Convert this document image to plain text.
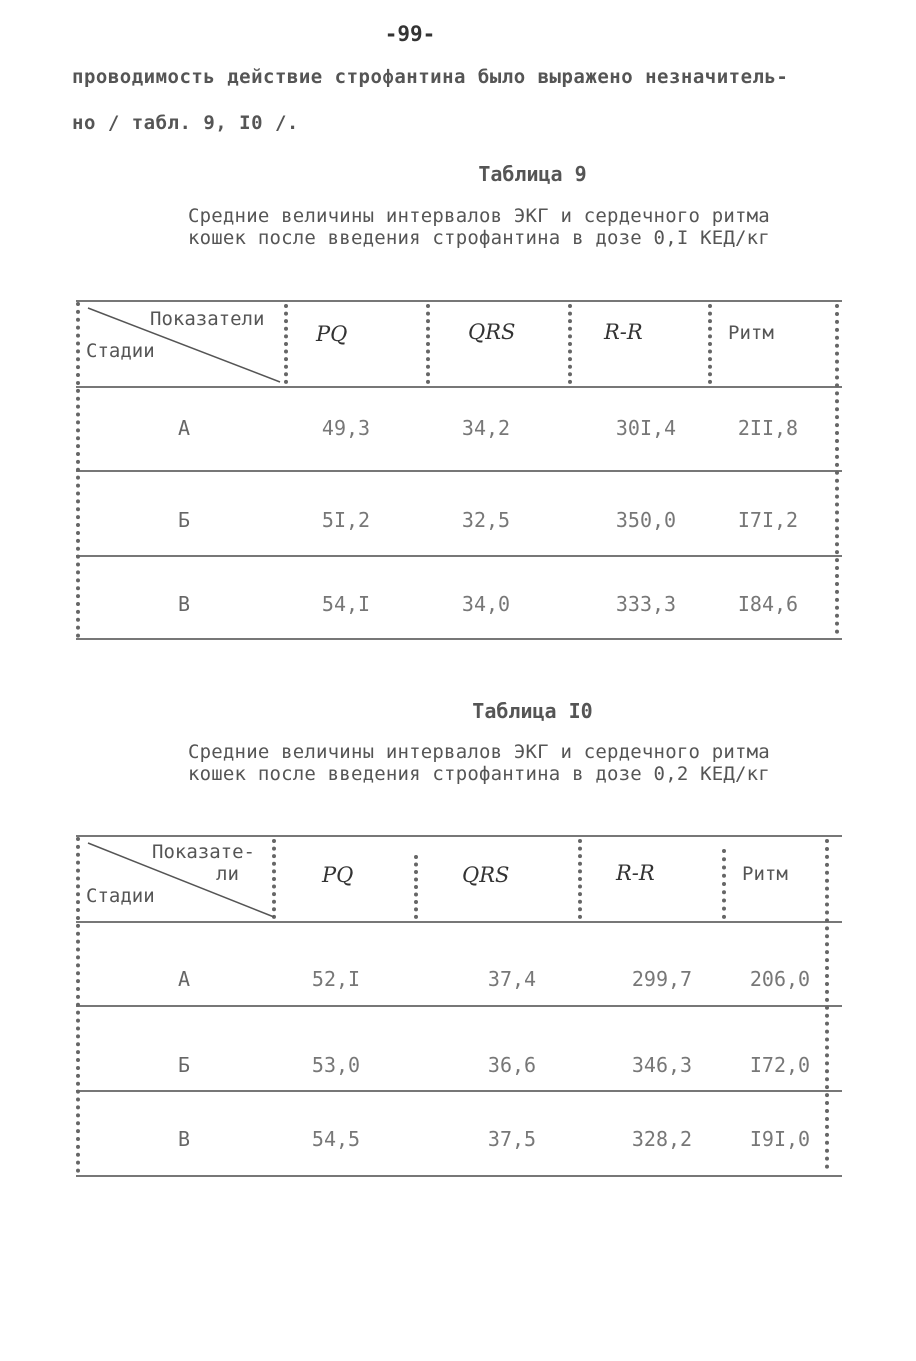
-99-
проводимость действие строфантина было выражено незначитель-
но / табл. 9, I0 /.
Таблица 9
Средние величины интервалов ЭКГ и сердечного ритма
кошек после введения строфантина в дозе 0,I КЕД/кг
Показатели
Стадии
PQ	QRS	R-R	Ритм
А	49,3	34,2	30I,4	2II,8
Б	5I,2	32,5	350,0	I7I,2
В	54,I	34,0	333,3	I84,6
Таблица I0
Средние величины интервалов ЭКГ и сердечного ритма
кошек после введения строфантина в дозе 0,2 КЕД/кг
Показате-
ли
Стадии
PQ	QRS	R-R	Ритм
А	52,I	37,4	299,7	206,0
Б	53,0	36,6	346,3	I72,0
В	54,5	37,5	328,2	I9I,0
